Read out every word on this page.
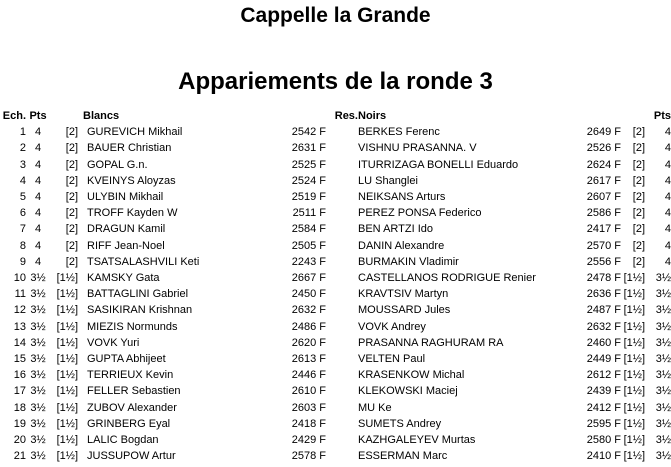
Cappelle la Grande
Appariements de la ronde 3
Ech.	Pts			Blancs		Res.	Noirs			Pts
1	4	[2]		GUREVICH Mikhail	2542 F		BERKES Ferenc	2649 F	[2]	4
2	4	[2]		BAUER Christian	2631 F		VISHNU PRASANNA. V	2526 F	[2]	4
3	4	[2]		GOPAL G.n.	2525 F		ITURRIZAGA BONELLI Eduardo	2624 F	[2]	4
4	4	[2]		KVEINYS Aloyzas	2524 F		LU Shanglei	2617 F	[2]	4
5	4	[2]		ULYBIN Mikhail	2519 F		NEIKSANS Arturs	2607 F	[2]	4
6	4	[2]		TROFF Kayden W	2511 F		PEREZ PONSA Federico	2586 F	[2]	4
7	4	[2]		DRAGUN Kamil	2584 F		BEN ARTZI Ido	2417 F	[2]	4
8	4	[2]		RIFF Jean-Noel	2505 F		DANIN Alexandre	2570 F	[2]	4
9	4	[2]		TSATSALASHVILI Keti	2243 F		BURMAKIN Vladimir	2556 F	[2]	4
10	3½	[1½]		KAMSKY Gata	2667 F		CASTELLANOS RODRIGUE Renier	2478 F	[1½]	3½
11	3½	[1½]		BATTAGLINI Gabriel	2450 F		KRAVTSIV Martyn	2636 F	[1½]	3½
12	3½	[1½]		SASIKIRAN Krishnan	2632 F		MOUSSARD Jules	2487 F	[1½]	3½
13	3½	[1½]		MIEZIS Normunds	2486 F		VOVK Andrey	2632 F	[1½]	3½
14	3½	[1½]		VOVK Yuri	2620 F		PRASANNA RAGHURAM RA	2460 F	[1½]	3½
15	3½	[1½]		GUPTA Abhijeet	2613 F		VELTEN Paul	2449 F	[1½]	3½
16	3½	[1½]		TERRIEUX Kevin	2446 F		KRASENKOW Michal	2612 F	[1½]	3½
17	3½	[1½]		FELLER Sebastien	2610 F		KLEKOWSKI Maciej	2439 F	[1½]	3½
18	3½	[1½]		ZUBOV Alexander	2603 F		MU Ke	2412 F	[1½]	3½
19	3½	[1½]		GRINBERG Eyal	2418 F		SUMETS Andrey	2595 F	[1½]	3½
20	3½	[1½]		LALIC Bogdan	2429 F		KAZHGALEYEV Murtas	2580 F	[1½]	3½
21	3½	[1½]		JUSSUPOW Artur	2578 F		ESSERMAN Marc	2410 F	[1½]	3½
